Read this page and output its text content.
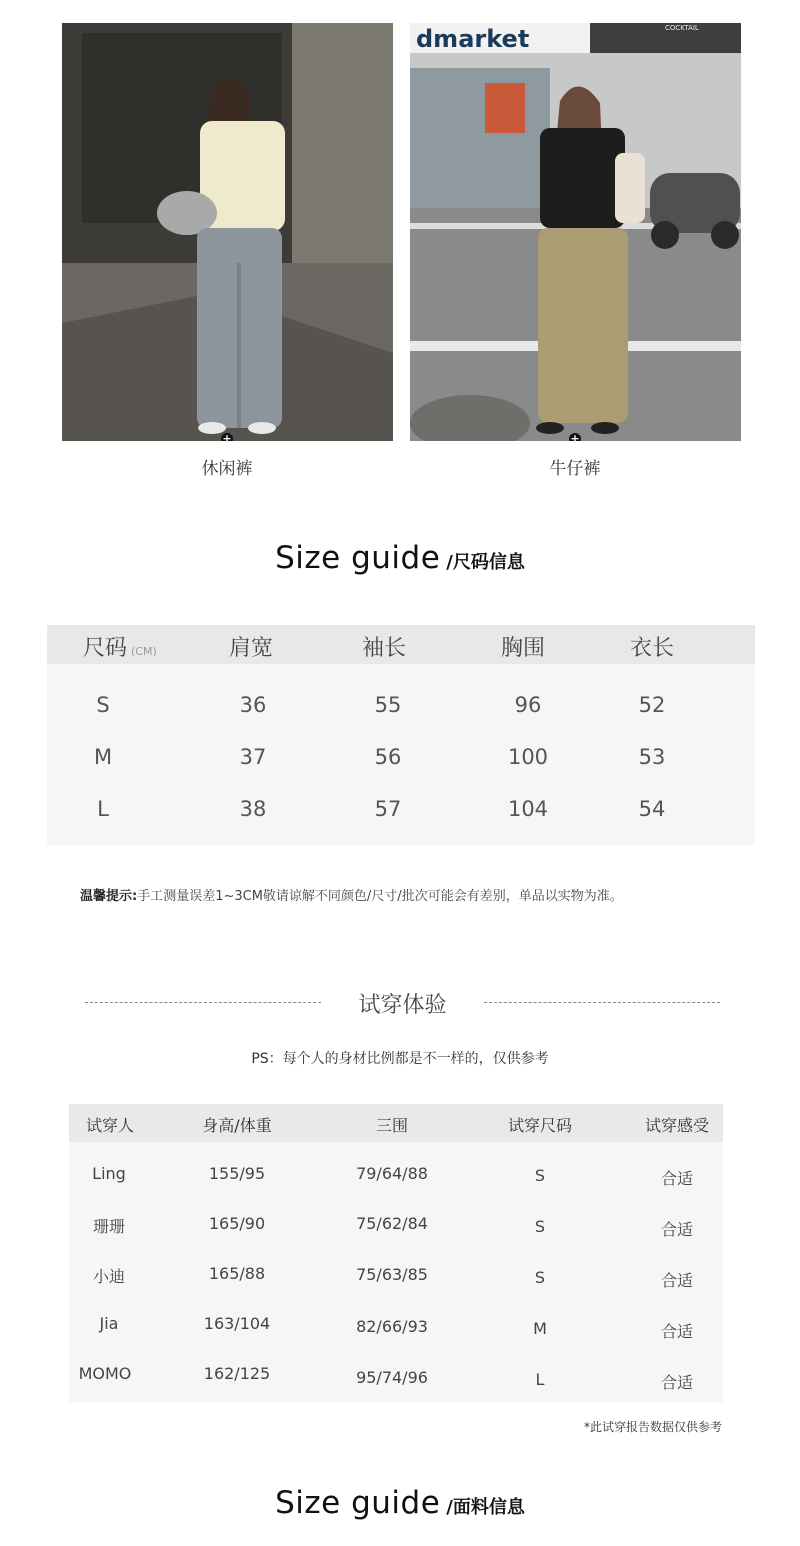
+
dmarket	COCKTAIL
+
休闲裤	牛仔裤
Size guide /尺码信息
尺码 (CM)	肩宽	袖长	胸围	衣长
S	36	55	96	52
M	37	56	100	53
L	38	57	104	54
温馨提示:手工测量误差1~3CM敬请谅解不同颜色/尺寸/批次可能会有差别，单品以实物为准。
试穿体验
PS：每个人的身材比例都是不一样的，仅供参考
试穿人	身高/体重	三围	试穿尺码	试穿感受
Ling	155/95	79/64/88	S	合适
珊珊	165/90	75/62/84	S	合适
小迪	165/88	75/63/85	S	合适
Jia	163/104	82/66/93	M	合适
MOMO	162/125	95/74/96	L	合适
*此试穿报告数据仅供参考
Size guide /面料信息
